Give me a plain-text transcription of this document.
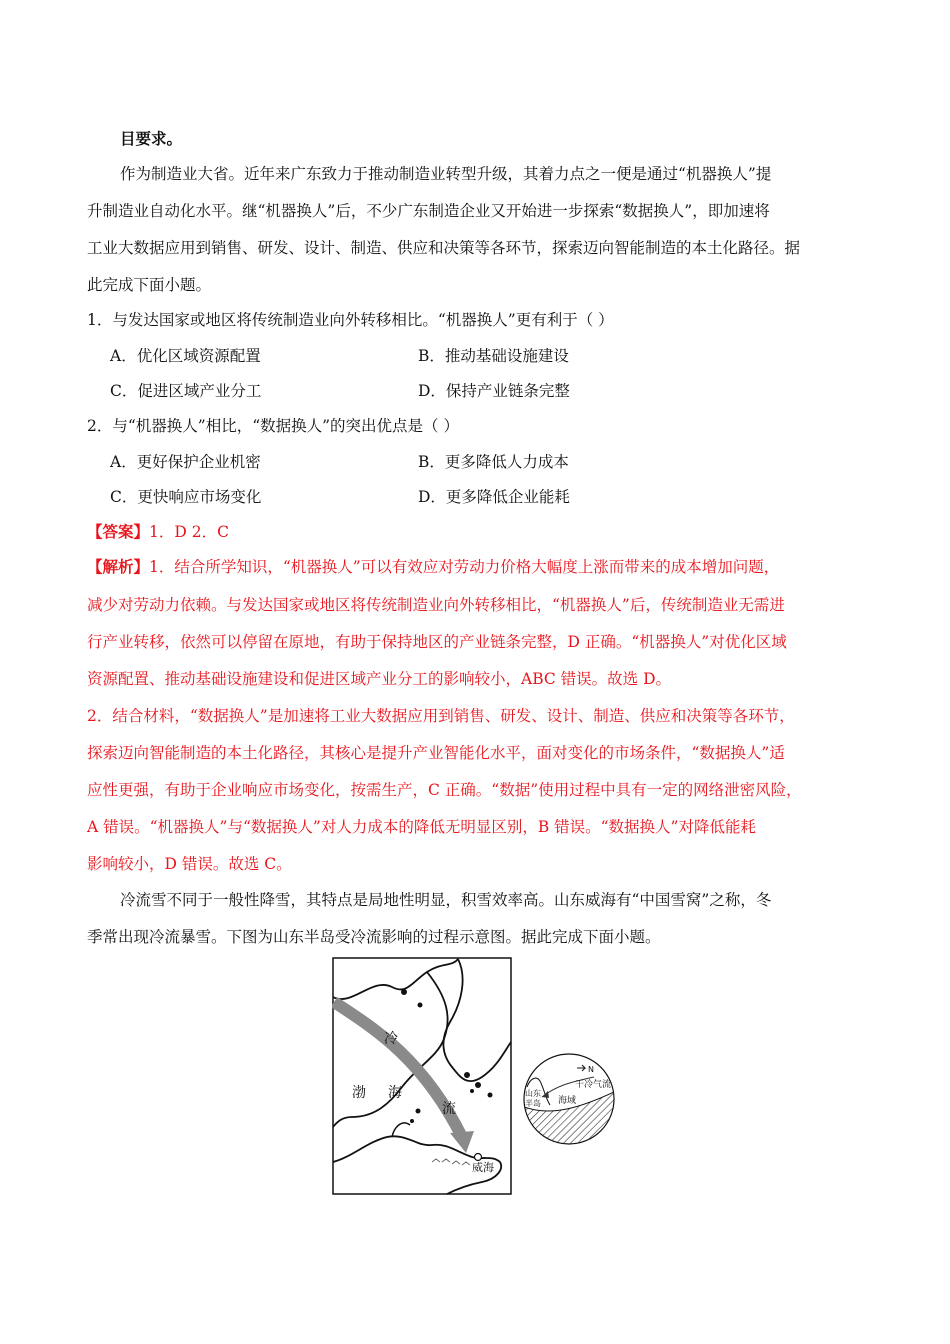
目要求。
作为制造业大省。近年来广东致力于推动制造业转型升级，其着力点之一便是通过“机器换人”提
升制造业自动化水平。继“机器换人”后，不少广东制造企业又开始进一步探索“数据换人”，即加速将
工业大数据应用到销售、研发、设计、制造、供应和决策等各环节，探索迈向智能制造的本土化路径。据
此完成下面小题。
1．与发达国家或地区将传统制造业向外转移相比。“机器换人”更有利于（ ）
A．优化区域资源配置	B．推动基础设施建设
C．促进区域产业分工	D．保持产业链条完整
2．与“机器换人”相比，“数据换人”的突出优点是（ ）
A．更好保护企业机密	B．更多降低人力成本
C．更快响应市场变化	D．更多降低企业能耗
【答案】1．D 2．C
【解析】1．结合所学知识，“机器换人”可以有效应对劳动力价格大幅度上涨而带来的成本增加问题，
减少对劳动力依赖。与发达国家或地区将传统制造业向外转移相比，“机器换人”后，传统制造业无需进
行产业转移，依然可以停留在原地，有助于保持地区的产业链条完整，D 正确。“机器换人”对优化区域
资源配置、推动基础设施建设和促进区域产业分工的影响较小，ABC 错误。故选 D。
2．结合材料，“数据换人”是加速将工业大数据应用到销售、研发、设计、制造、供应和决策等各环节，
探索迈向智能制造的本土化路径，其核心是提升产业智能化水平，面对变化的市场条件，“数据换人”适
应性更强，有助于企业响应市场变化，按需生产，C 正确。“数据”使用过程中具有一定的网络泄密风险，
A 错误。“机器换人”与“数据换人”对人力成本的降低无明显区别，B 错误。“数据换人”对降低能耗
影响较小，D 错误。故选 C。
冷流雪不同于一般性降雪，其特点是局地性明显，积雪效率高。山东威海有“中国雪窝”之称，冬
季常出现冷流暴雪。下图为山东半岛受冷流影响的过程示意图。据此完成下面小题。
冷
渤 海
流
威海
N
干冷气流
海域
山东
半岛
